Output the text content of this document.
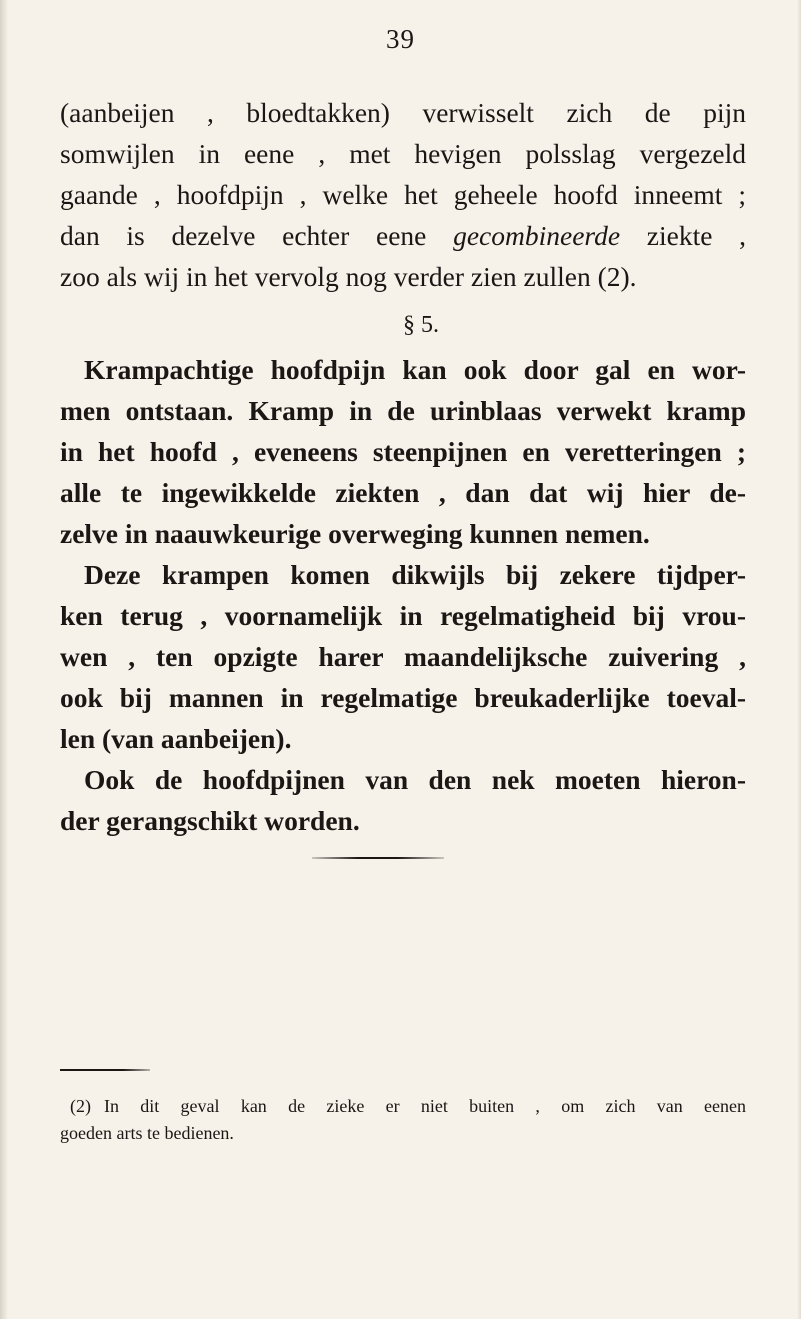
39
(aanbeijen , bloedtakken) verwisselt zich de pijn
somwijlen in eene , met hevigen polsslag vergezeld
gaande , hoofdpijn , welke het geheele hoofd inneemt ;
dan is dezelve echter eene gecombineerde ziekte ,
zoo als wij in het vervolg nog verder zien zullen (2).
§ 5.
Krampachtige hoofdpijn kan ook door gal en wor-
men ontstaan. Kramp in de urinblaas verwekt kramp
in het hoofd , eveneens steenpijnen en veretteringen ;
alle te ingewikkelde ziekten , dan dat wij hier de-
zelve in naauwkeurige overweging kunnen nemen.
Deze krampen komen dikwijls bij zekere tijdper-
ken terug , voornamelijk in regelmatigheid bij vrou-
wen , ten opzigte harer maandelijksche zuivering ,
ook bij mannen in regelmatige breukaderlijke toeval-
len (van aanbeijen).
Ook de hoofdpijnen van den nek moeten hieron-
der gerangschikt worden.
(2) In dit geval kan de zieke er niet buiten , om zich van eenen
goeden arts te bedienen.
